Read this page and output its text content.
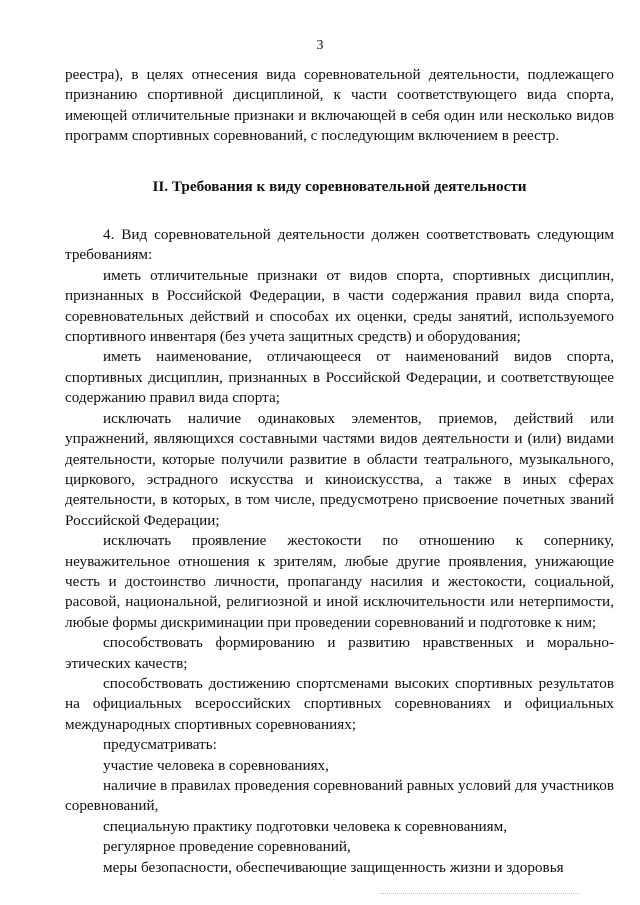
3

реестра), в целях отнесения вида соревновательной деятельности, подлежащего признанию спортивной дисциплиной, к части соответствующего вида спорта, имеющей отличительные признаки и включающей в себя один или несколько видов программ спортивных соревнований, с последующим включением в реестр.

II. Требования к виду соревновательной деятельности

4. Вид соревновательной деятельности должен соответствовать следующим требованиям:

иметь отличительные признаки от видов спорта, спортивных дисциплин, признанных в Российской Федерации, в части содержания правил вида спорта, соревновательных действий и способах их оценки, среды занятий, используемого спортивного инвентаря (без учета защитных средств) и оборудования;

иметь наименование, отличающееся от наименований видов спорта, спортивных дисциплин, признанных в Российской Федерации, и соответствующее содержанию правил вида спорта;

исключать наличие одинаковых элементов, приемов, действий или упражнений, являющихся составными частями видов деятельности и (или) видами деятельности, которые получили развитие в области театрального, музыкального, циркового, эстрадного искусства и киноискусства, а также в иных сферах деятельности, в которых, в том числе, предусмотрено присвоение почетных званий Российской Федерации;

исключать проявление жестокости по отношению к сопернику, неуважительное отношения к зрителям, любые другие проявления, унижающие честь и достоинство личности, пропаганду насилия и жестокости, социальной, расовой, национальной, религиозной и иной исключительности или нетерпимости, любые формы дискриминации при проведении соревнований и подготовке к ним;

способствовать формированию и развитию нравственных и морально-этических качеств;

способствовать достижению спортсменами высоких спортивных результатов на официальных всероссийских спортивных соревнованиях и официальных международных спортивных соревнованиях;

предусматривать:

участие человека в соревнованиях,

наличие в правилах проведения соревнований равных условий для участников соревнований,

специальную практику подготовки человека к соревнованиям,

регулярное проведение соревнований,

меры безопасности, обеспечивающие защищенность жизни и здоровья
